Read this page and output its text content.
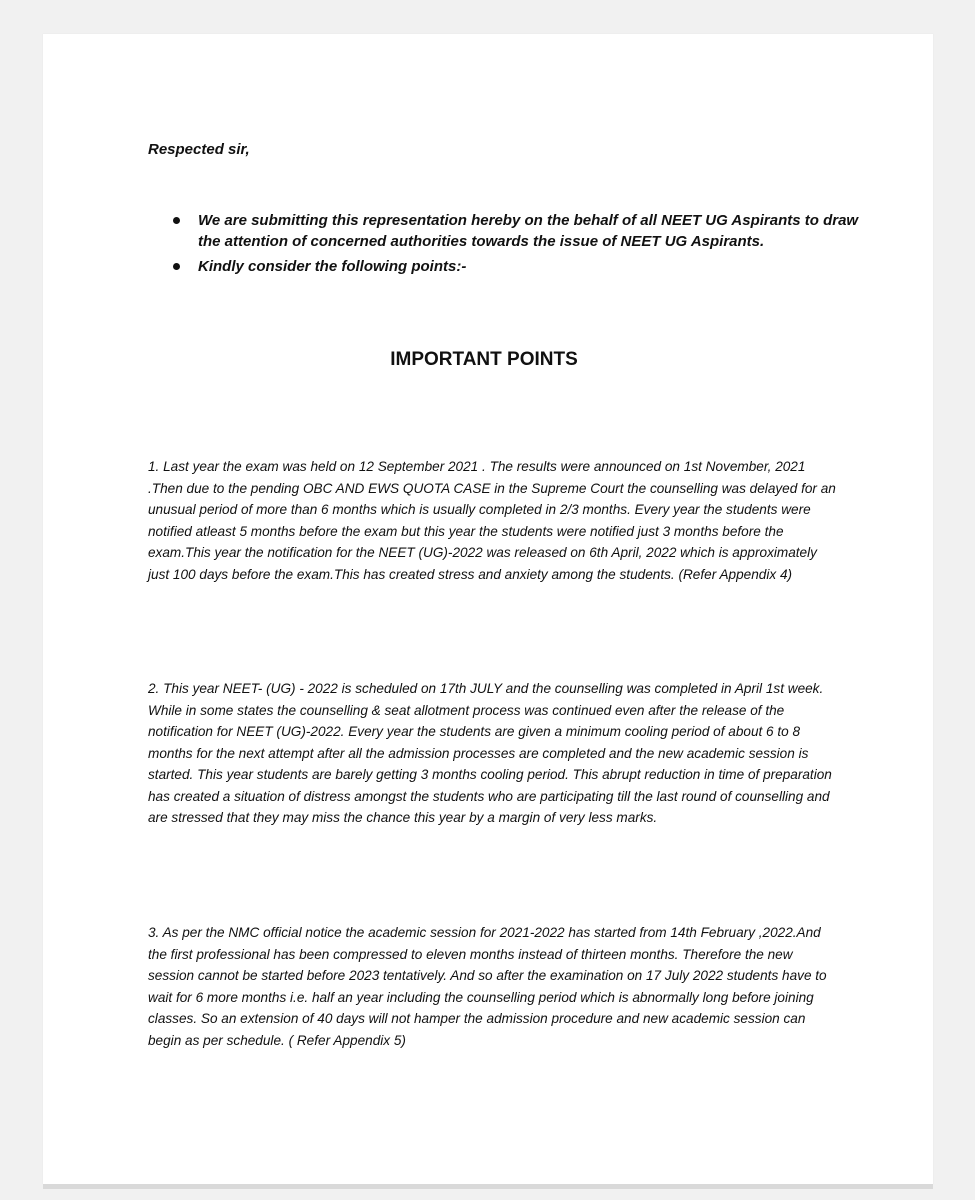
Respected sir,

We are submitting this representation hereby on the behalf of all NEET UG Aspirants to draw the attention of concerned authorities towards the issue of NEET UG Aspirants.
Kindly consider the following points:-
IMPORTANT POINTS

1. Last year the exam was held on 12 September 2021 . The results were announced on 1st November, 2021 .Then due to the pending OBC AND EWS QUOTA CASE in the Supreme Court the counselling was delayed for an unusual period of more than 6 months which is usually completed in 2/3 months. Every year the students were notified atleast 5 months before the exam but this year the students were notified just 3 months before the exam.This year the notification for the NEET (UG)-2022 was released on 6th April, 2022 which is approximately just 100 days before the exam.This has created stress and anxiety among the students. (Refer Appendix 4)

2. This year NEET- (UG) - 2022 is scheduled on 17th JULY and the counselling was completed in April 1st week. While in some states the counselling & seat allotment process was continued even after the release of the notification for NEET (UG)-2022. Every year the students are given a minimum cooling period of about 6 to 8 months for the next attempt after all the admission processes are completed and the new academic session is started. This year students are barely getting 3 months cooling period. This abrupt reduction in time of preparation has created a situation of distress amongst the students who are participating till the last round of counselling and are stressed that they may miss the chance this year by a margin of very less marks.

3. As per the NMC official notice the academic session for 2021-2022 has started from 14th February ,2022.And the first professional has been compressed to eleven months instead of thirteen months. Therefore the new session cannot be started before 2023 tentatively. And so after the examination on 17 July 2022 students have to wait for 6 more months i.e. half an year including the counselling period which is abnormally long before joining classes. So an extension of 40 days will not hamper the admission procedure and new academic session can begin as per schedule. ( Refer Appendix 5)
